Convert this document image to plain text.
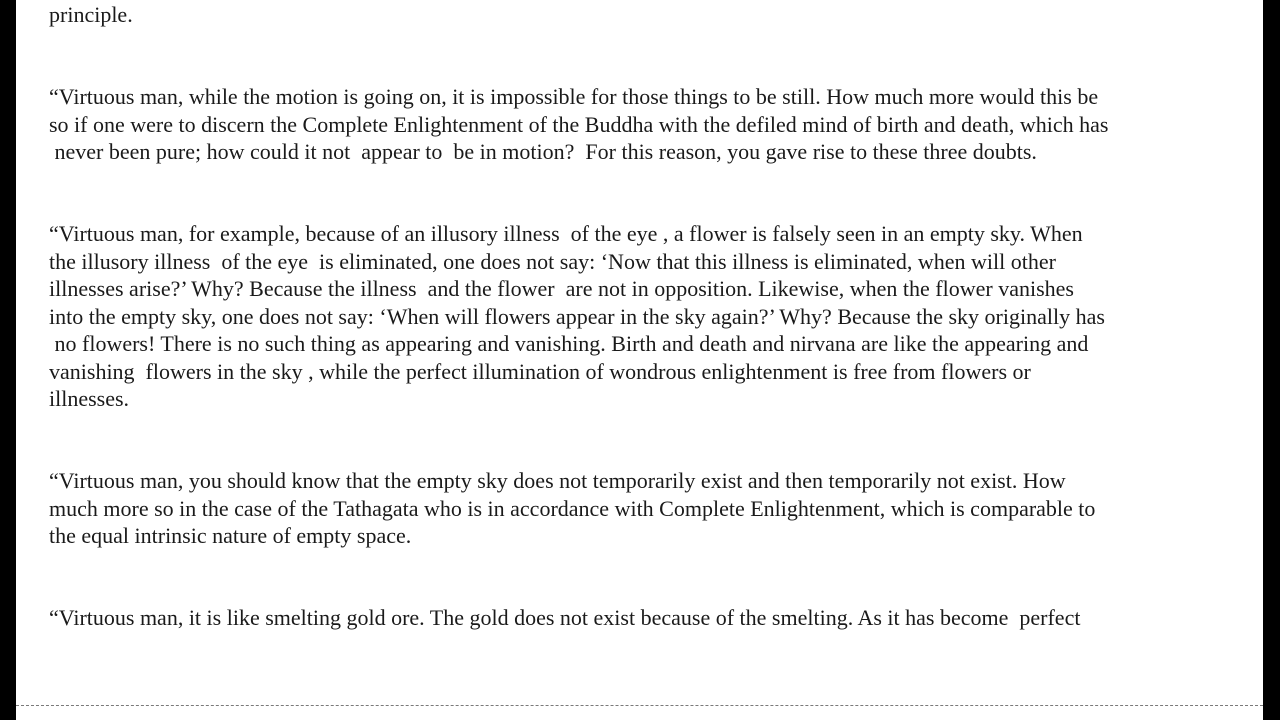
principle.

“Virtuous man, while the motion is going on, it is impossible for those things to be still. How much more would this be

so if one were to discern the Complete Enlightenment of the Buddha with the defiled mind of birth and death, which has

never been pure; how could it not  appear to  be in motion?  For this reason, you gave rise to these three doubts.

“Virtuous man, for example, because of an illusory illness  of the eye , a flower is falsely seen in an empty sky. When

the illusory illness  of the eye  is eliminated, one does not say: ‘Now that this illness is eliminated, when will other

illnesses arise?’ Why? Because the illness  and the flower  are not in opposition. Likewise, when the flower vanishes

into the empty sky, one does not say: ‘When will flowers appear in the sky again?’ Why? Because the sky originally has

no flowers! There is no such thing as appearing and vanishing. Birth and death and nirvana are like the appearing and

vanishing  flowers in the sky , while the perfect illumination of wondrous enlightenment is free from flowers or

illnesses.

“Virtuous man, you should know that the empty sky does not temporarily exist and then temporarily not exist. How

much more so in the case of the Tathagata who is in accordance with Complete Enlightenment, which is comparable to

the equal intrinsic nature of empty space.

“Virtuous man, it is like smelting gold ore. The gold does not exist because of the smelting. As it has become  perfect
